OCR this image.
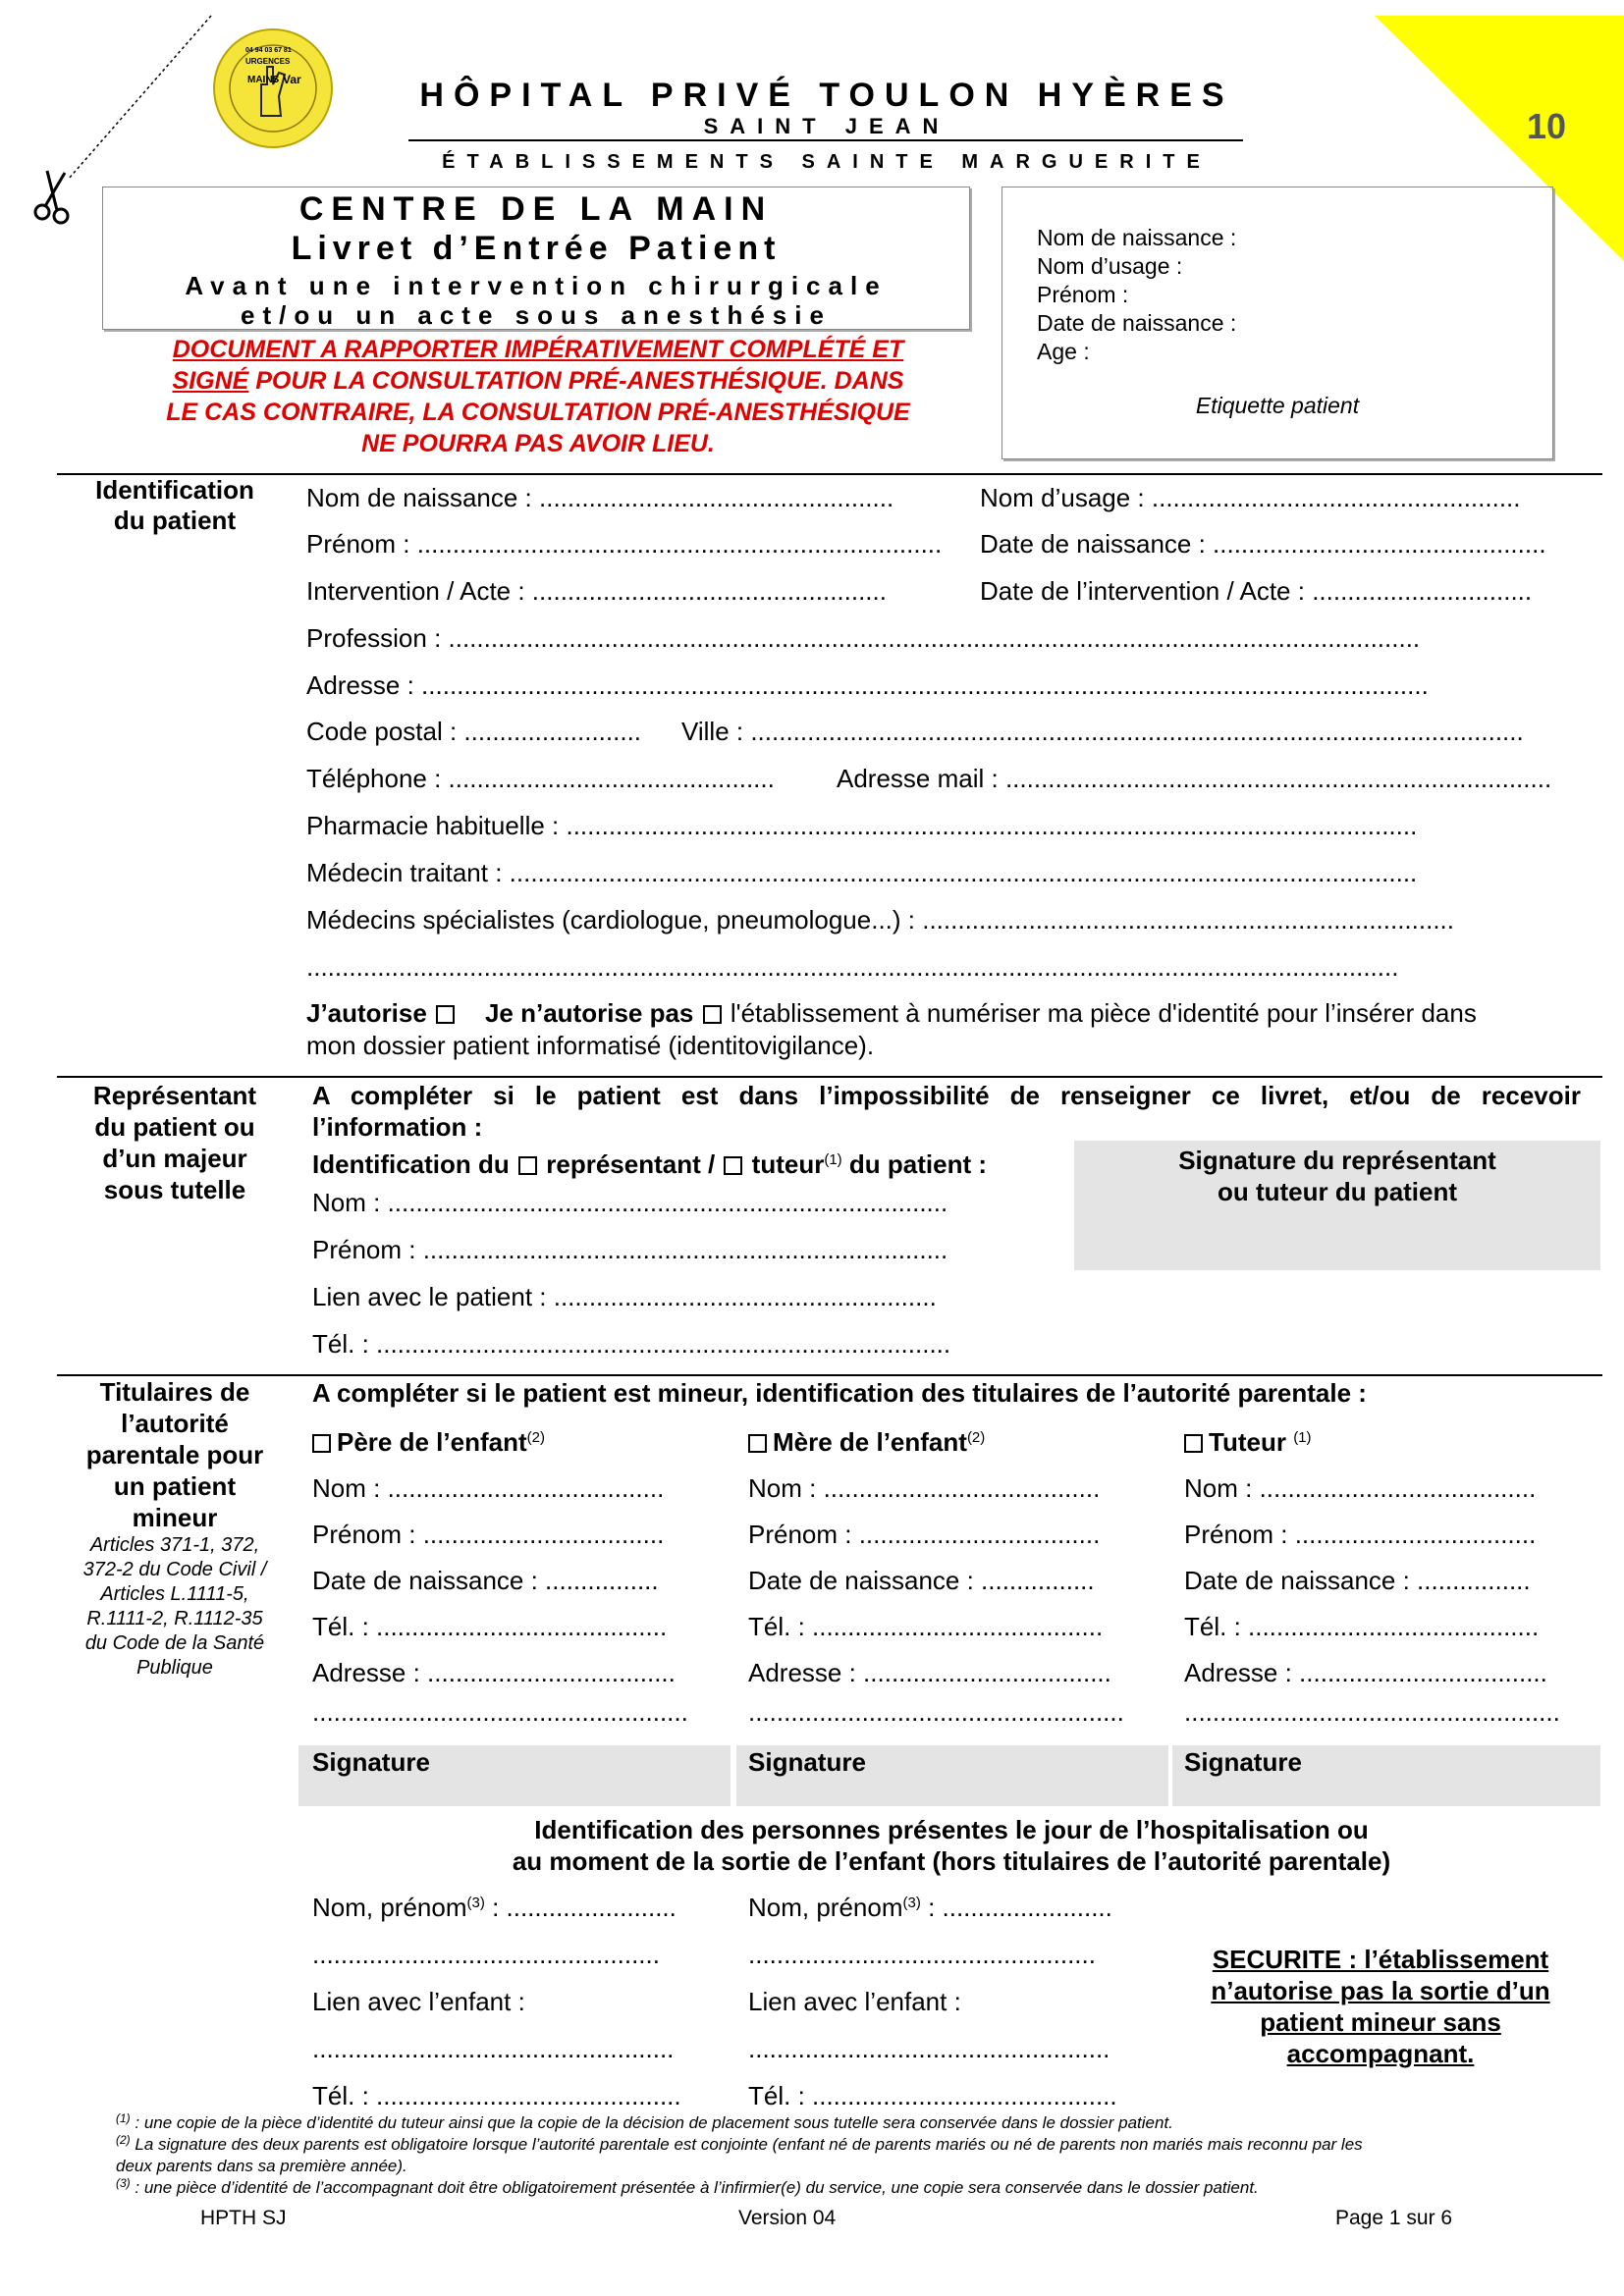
10
URGENCES
04 94 03 67 81
MAINS Var	HÔPITAL PRIVÉ TOULON HYÈRES
SAINT JEAN
ÉTABLISSEMENTS SAINTE MARGUERITE
CENTRE DE LA MAIN
Livret d’Entrée Patient
Avant une intervention chirurgicale
et/ou un acte sous anesthésie
DOCUMENT A RAPPORTER IMPÉRATIVEMENT COMPLÉTÉ ET
SIGNÉ POUR LA CONSULTATION PRÉ-ANESTHÉSIQUE. DANS
LE CAS CONTRAIRE, LA CONSULTATION PRÉ-ANESTHÉSIQUE
NE POURRA PAS AVOIR LIEU.
Nom de naissance :
Nom d’usage :
Prénom :
Date de naissance :
Age :
Etiquette patient
Identification
du patient
Nom de naissance : ..................................................	Nom d’usage : ....................................................
Prénom : .......................................................................... Date de naissance : ...............................................
Intervention / Acte : ..................................................	Date de l’intervention / Acte : ...............................
Profession : .........................................................................................................................................
Adresse : ..............................................................................................................................................
Code postal : ......................... Ville : .............................................................................................................
Téléphone : .............................................. Adresse mail : .............................................................................
Pharmacie habituelle : ........................................................................................................................
Médecin traitant : ................................................................................................................................
Médecins spécialistes (cardiologue, pneumologue...) : ...........................................................................
..........................................................................................................................................................
J’autorise Je n’autorise pas  l'établissement à numériser ma pièce d'identité pour l’insérer dans
mon dossier patient informatisé (identitovigilance).
Représentant
du patient ou
d’un majeur
sous tutelle
A compléter si le patient est dans l’impossibilité de renseigner ce livret, et/ou de recevoir
l’information :
Identification du représentant / tuteur$^{(1)}$ du patient :
Nom : ...............................................................................
Prénom : ..........................................................................
Lien avec le patient : ......................................................
Tél. : .................................................................................
Signature du représentant
ou tuteur du patient
Titulaires de
l’autorité
parentale pour
un patient
mineur
Articles 371-1, 372,
372-2 du Code Civil /
Articles L.1111-5,
R.1111-2, R.1112-35
du Code de la Santé
Publique
A compléter si le patient est mineur, identification des titulaires de l’autorité parentale :
Père de l’enfant$^{(2)}$
Nom : .......................................
Prénom : ..................................
Date de naissance : ................
Tél. : .........................................
Adresse : ...................................
.....................................................
Mère de l’enfant$^{(2)}$
Nom : .......................................
Prénom : ..................................
Date de naissance : ................
Tél. : .........................................
Adresse : ...................................
.....................................................
Tuteur $^{(1)}$
Nom : .......................................
Prénom : ..................................
Date de naissance : ................
Tél. : .........................................
Adresse : ...................................
.....................................................
Signature	Signature	Signature
Identification des personnes présentes le jour de l’hospitalisation ou
au moment de la sortie de l’enfant (hors titulaires de l’autorité parentale)
Nom, prénom$^{(3)}$ : ........................
.................................................
Lien avec l’enfant :
...................................................
Tél. : ...........................................
Nom, prénom$^{(3)}$ : ........................
.................................................
Lien avec l’enfant :
...................................................
Tél. : ...........................................
SECURITE : l’établissement
n’autorise pas la sortie d’un
patient mineur sans
accompagnant.
$^{(1)}$ : une copie de la pièce d’identité du tuteur ainsi que la copie de la décision de placement sous tutelle sera conservée dans le dossier patient.
$^{(2)}$ La signature des deux parents est obligatoire lorsque l’autorité parentale est conjointe (enfant né de parents mariés ou né de parents non mariés mais reconnu par les
deux parents dans sa première année).
$^{(3)}$ : une pièce d’identité de l’accompagnant doit être obligatoirement présentée à l’infirmier(e) du service, une copie sera conservée dans le dossier patient.
HPTH SJ	Version 04	Page 1 sur 6
